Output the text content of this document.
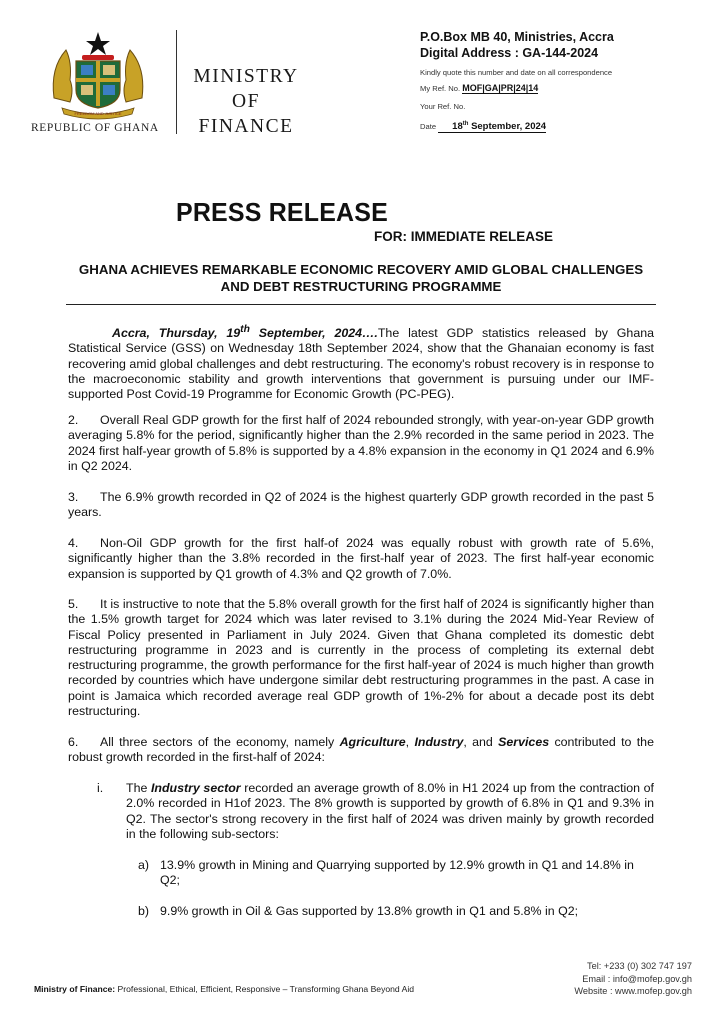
FREEDOM AND JUSTICE
REPUBLIC OF GHANA
MINISTRY
OF
FINANCE
P.O.Box MB 40, Ministries, Accra
Digital Address : GA-144-2024
Kindly quote this number and date on all correspondence
My Ref. No. MOF|GA|PR|24|14
Your Ref. No.
Date 18th September, 2024
PRESS RELEASE
FOR: IMMEDIATE RELEASE
GHANA ACHIEVES REMARKABLE ECONOMIC RECOVERY AMID GLOBAL CHALLENGES AND DEBT RESTRUCTURING PROGRAMME
Accra, Thursday, 19th September, 2024….The latest GDP statistics released by Ghana Statistical Service (GSS) on Wednesday 18th September 2024, show that the Ghanaian economy is fast recovering amid global challenges and debt restructuring. The economy's robust recovery is in response to the macroeconomic stability and growth interventions that government is pursuing under our IMF-supported Post Covid-19 Programme for Economic Growth (PC-PEG).
2. Overall Real GDP growth for the first half of 2024 rebounded strongly, with year-on-year GDP growth averaging 5.8% for the period, significantly higher than the 2.9% recorded in the same period in 2023. The 2024 first half-year growth of 5.8% is supported by a 4.8% expansion in the economy in Q1 2024 and 6.9% in Q2 2024.
3. The 6.9% growth recorded in Q2 of 2024 is the highest quarterly GDP growth recorded in the past 5 years.
4. Non-Oil GDP growth for the first half-of 2024 was equally robust with growth rate of 5.6%, significantly higher than the 3.8% recorded in the first-half year of 2023. The first half-year economic expansion is supported by Q1 growth of 4.3% and Q2 growth of 7.0%.
5. It is instructive to note that the 5.8% overall growth for the first half of 2024 is significantly higher than the 1.5% growth target for 2024 which was later revised to 3.1% during the 2024 Mid-Year Review of Fiscal Policy presented in Parliament in July 2024. Given that Ghana completed its domestic debt restructuring programme in 2023 and is currently in the process of completing its external debt restructuring programme, the growth performance for the first half-year of 2024 is much higher than growth recorded by countries which have undergone similar debt restructuring programmes in the past. A case in point is Jamaica which recorded average real GDP growth of 1%-2% for about a decade post its debt restructuring.
6. All three sectors of the economy, namely Agriculture, Industry, and Services contributed to the robust growth recorded in the first-half of 2024:
i. The Industry sector recorded an average growth of 8.0% in H1 2024 up from the contraction of 2.0% recorded in H1of 2023. The 8% growth is supported by growth of 6.8% in Q1 and 9.3% in Q2. The sector's strong recovery in the first half of 2024 was driven mainly by growth recorded in the following sub-sectors:
a) 13.9% growth in Mining and Quarrying supported by 12.9% growth in Q1 and 14.8% in Q2;
b) 9.9% growth in Oil & Gas supported by 13.8% growth in Q1 and 5.8% in Q2;
Tel: +233 (0) 302 747 197
Email : info@mofep.gov.gh
Website : www.mofep.gov.gh
Ministry of Finance: Professional, Ethical, Efficient, Responsive – Transforming Ghana Beyond Aid
